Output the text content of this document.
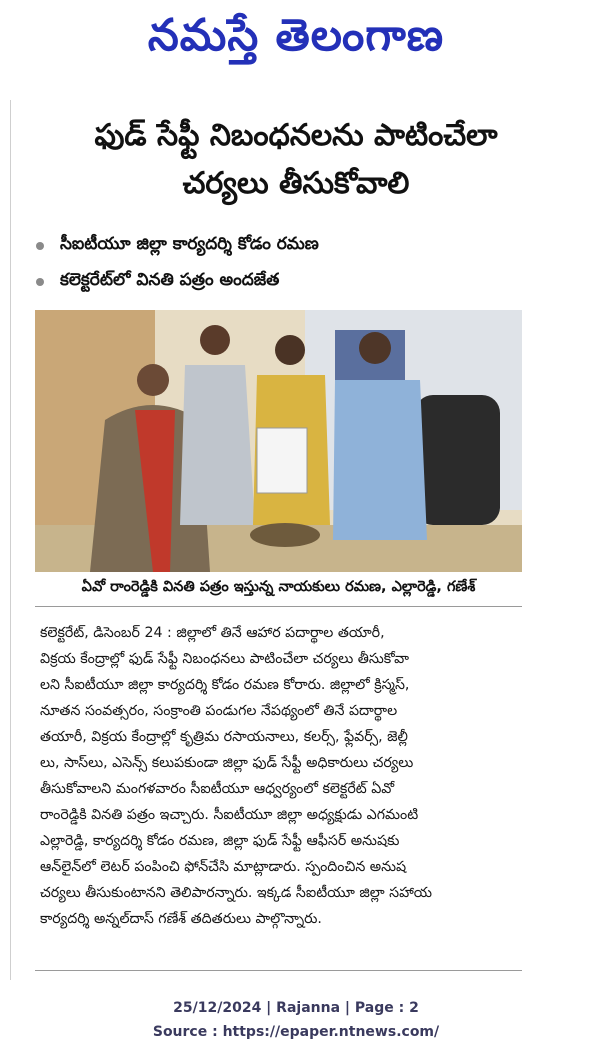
నమస్తే తెలంగాణ
ఫుడ్ సేఫ్టీ నిబంధనలను పాటించేలా
చర్యలు తీసుకోవాలి
సీఐటీయూ జిల్లా కార్యదర్శి కోడం రమణ
కలెక్టరేట్‌లో వినతి పత్రం అందజేత
ఏవో రాంరెడ్డికి వినతి పత్రం ఇస్తున్న నాయకులు రమణ, ఎల్లారెడ్డి, గణేశ్
కలెక్టరేట్, డిసెంబర్ 24 : జిల్లాలో తినే ఆహార పదార్థాల తయారీ,
విక్రయ కేంద్రాల్లో ఫుడ్ సేఫ్టీ నిబంధనలు పాటించేలా చర్యలు తీసుకోవా
లని సీఐటీయూ జిల్లా కార్యదర్శి కోడం రమణ కోరారు. జిల్లాలో క్రిస్మస్,
నూతన సంవత్సరం, సంక్రాంతి పండుగల నేపథ్యంలో తినే పదార్థాల
తయారీ, విక్రయ కేంద్రాల్లో కృత్రిమ రసాయనాలు, కలర్స్, ఫ్లేవర్స్, జెల్లీ
లు, సాస్‌లు, ఎసెన్స్ కలుపకుండా జిల్లా ఫుడ్ సేఫ్టీ అధికారులు చర్యలు
తీసుకోవాలని మంగళవారం సీఐటీయూ ఆధ్వర్యంలో కలెక్టరేట్ ఏవో
రాంరెడ్డికి వినతి పత్రం ఇచ్చారు. సీఐటీయూ జిల్లా అధ్యక్షుడు ఎగమంటి
ఎల్లారెడ్డి, కార్యదర్శి కోడం రమణ, జిల్లా ఫుడ్ సేఫ్టీ ఆఫీసర్ అనుషకు
ఆన్‌లైన్‌లో లెటర్ పంపించి ఫోన్‌చేసి మాట్లాడారు. స్పందించిన అనుష
చర్యలు తీసుకుంటానని తెలిపారన్నారు. ఇక్కడ సీఐటీయూ జిల్లా సహాయ
కార్యదర్శి అన్నల్‌దాస్ గణేశ్ తదితరులు పాల్గొన్నారు.
25/12/2024 | Rajanna | Page : 2
Source : https://epaper.ntnews.com/
